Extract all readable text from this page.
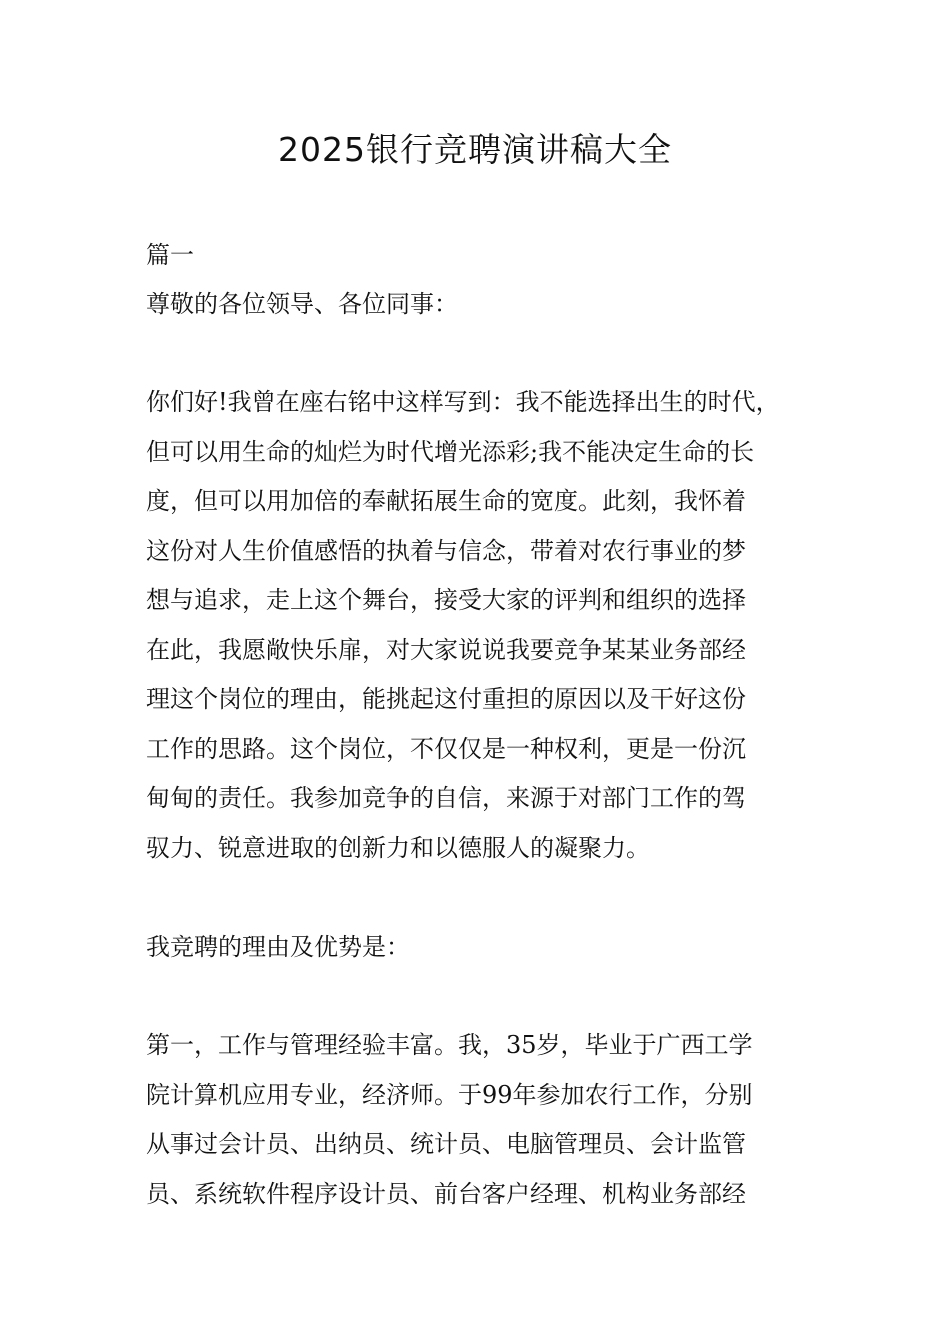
2025银行竞聘演讲稿大全

篇一

尊敬的各位领导、各位同事：

你们好!我曾在座右铭中这样写到：我不能选择出生的时代，
但可以用生命的灿烂为时代增光添彩;我不能决定生命的长
度，但可以用加倍的奉献拓展生命的宽度。此刻，我怀着
这份对人生价值感悟的执着与信念，带着对农行事业的梦
想与追求，走上这个舞台，接受大家的评判和组织的选择
在此，我愿敞快乐扉，对大家说说我要竞争某某业务部经
理这个岗位的理由，能挑起这付重担的原因以及干好这份
工作的思路。这个岗位，不仅仅是一种权利，更是一份沉
甸甸的责任。我参加竞争的自信，来源于对部门工作的驾
驭力、锐意进取的创新力和以德服人的凝聚力。

我竞聘的理由及优势是：

第一，工作与管理经验丰富。我，35岁，毕业于广西工学
院计算机应用专业，经济师。于99年参加农行工作，分别
从事过会计员、出纳员、统计员、电脑管理员、会计监管
员、系统软件程序设计员、前台客户经理、机构业务部经
